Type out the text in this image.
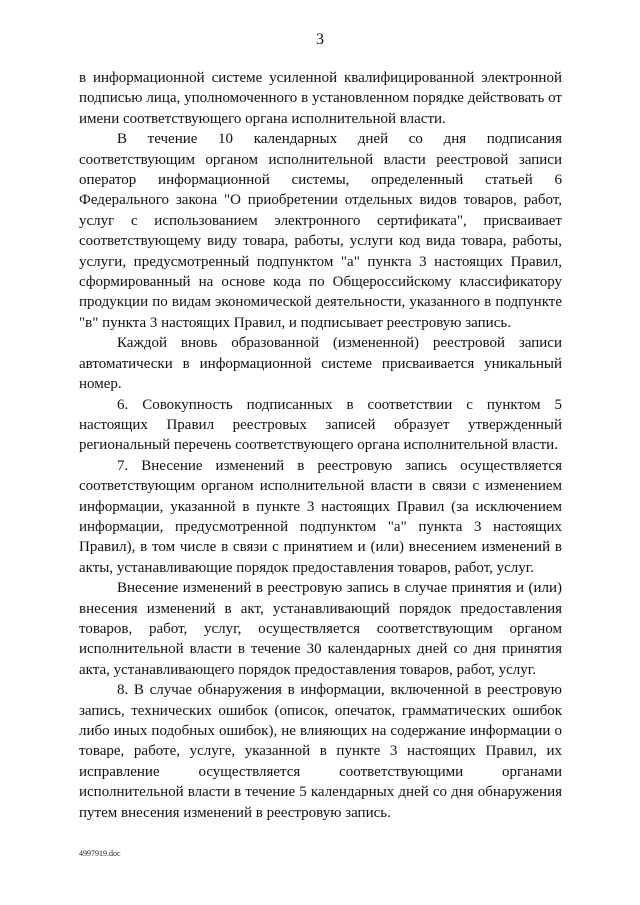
3

в информационной системе усиленной квалифицированной электронной подписью лица, уполномоченного в установленном порядке действовать от имени соответствующего органа исполнительной власти.

В течение 10 календарных дней со дня подписания соответствующим органом исполнительной власти реестровой записи оператор информационной системы, определенный статьей 6 Федерального закона "О приобретении отдельных видов товаров, работ, услуг с использованием электронного сертификата", присваивает соответствующему виду товара, работы, услуги код вида товара, работы, услуги, предусмотренный подпунктом "а" пункта 3 настоящих Правил, сформированный на основе кода по Общероссийскому классификатору продукции по видам экономической деятельности, указанного в подпункте "в" пункта 3 настоящих Правил, и подписывает реестровую запись.

Каждой вновь образованной (измененной) реестровой записи автоматически в информационной системе присваивается уникальный номер.

6. Совокупность подписанных в соответствии с пунктом 5 настоящих Правил реестровых записей образует утвержденный региональный перечень соответствующего органа исполнительной власти.

7. Внесение изменений в реестровую запись осуществляется соответствующим органом исполнительной власти в связи с изменением информации, указанной в пункте 3 настоящих Правил (за исключением информации, предусмотренной подпунктом "а" пункта 3 настоящих Правил), в том числе в связи с принятием и (или) внесением изменений в акты, устанавливающие порядок предоставления товаров, работ, услуг.

Внесение изменений в реестровую запись в случае принятия и (или) внесения изменений в акт, устанавливающий порядок предоставления товаров, работ, услуг, осуществляется соответствующим органом исполнительной власти в течение 30 календарных дней со дня принятия акта, устанавливающего порядок предоставления товаров, работ, услуг.

8. В случае обнаружения в информации, включенной в реестровую запись, технических ошибок (описок, опечаток, грамматических ошибок либо иных подобных ошибок), не влияющих на содержание информации о товаре, работе, услуге, указанной в пункте 3 настоящих Правил, их исправление осуществляется соответствующими органами исполнительной власти в течение 5 календарных дней со дня обнаружения путем внесения изменений в реестровую запись.

4997919.doc
